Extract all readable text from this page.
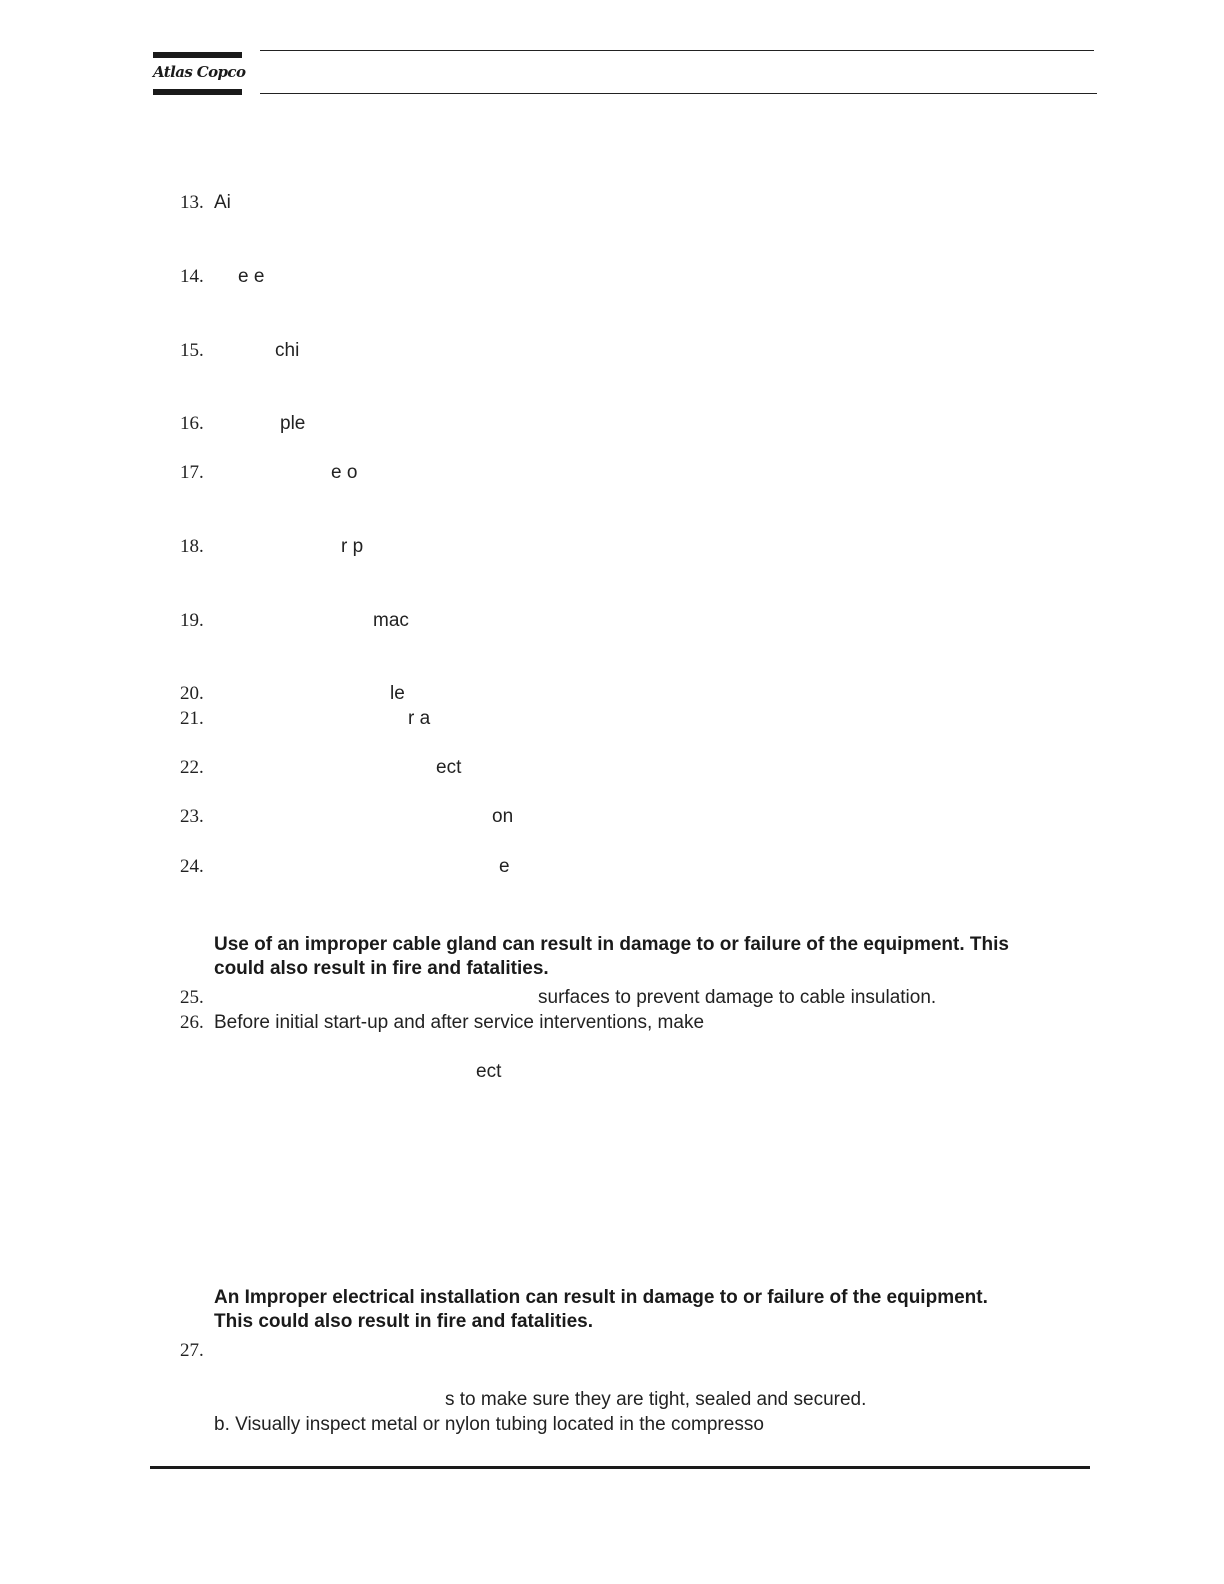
Atlas Copco
13. Ai
14. e e
15.	chi
16.	ple
17.	e o
18.	r p
19.	mac
20.	le
21.	r a
22.	ect
23.	on
24.	e
Use of an improper cable gland can result in damage to or failure of the equipment. This
could also result in fire and fatalities.
25.	surfaces to prevent damage to cable insulation.
26. Before initial start-up and after service interventions, make
ect
An Improper electrical installation can result in damage to or failure of the equipment.
This could also result in fire and fatalities.
27.
s to make sure they are tight, sealed and secured.
b. Visually inspect metal or nylon tubing located in the compresso
